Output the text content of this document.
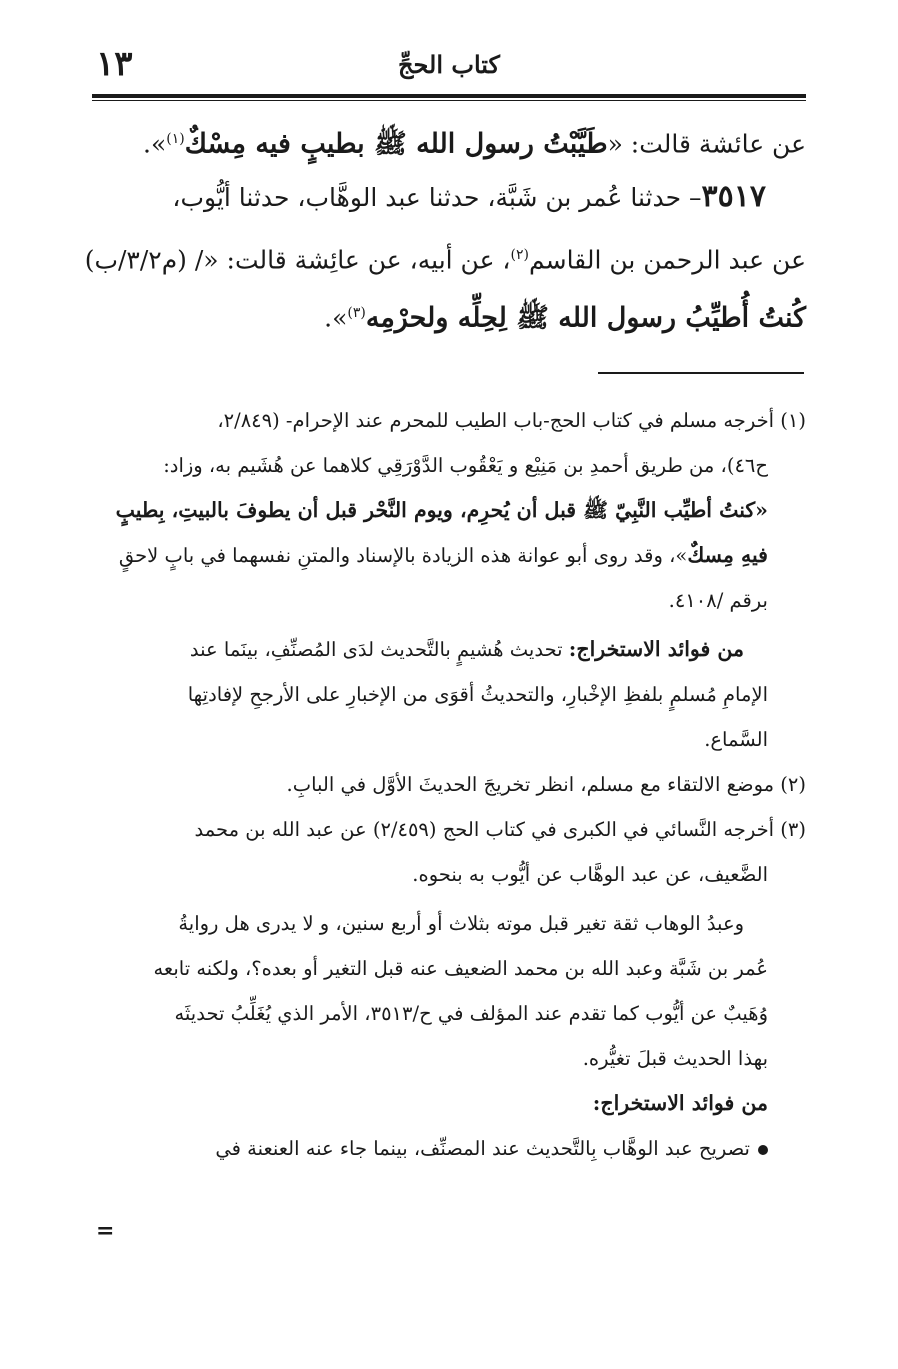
كتاب الحجِّ
١٣
عن عائشة قالت: «طَيَّبْتُ رسول الله ﷺ بطيبٍ فيه مِسْكٌ$^{(١)}$».
٣٥١٧– حدثنا عُمر بن شَبَّة، حدثنا عبد الوهَّاب، حدثنا أيُّوب،
عن عبد الرحمن بن القاسم$^{(٢)}$، عن أبيه، عن عائِشة قالت: «/ (م٣/٢/ب)
كُنتُ أُطيِّبُ رسول الله ﷺ لِحِلِّه ولحرْمِه$^{(٣)}$».
(١) أخرجه مسلم في كتاب الحج-باب الطيب للمحرم عند الإحرام- (٢/٨٤٩،
ح٤٦)، من طريق أحمدِ بن مَنِيْع و يَعْقُوب الدَّوْرَقِي كلاهما عن هُشَيم به، وزاد:
«كنتُ أطيِّب النَّبِيّ ﷺ قبل أن يُحرِم، ويوم النَّحْر قبل أن يطوفَ بالبيتِ، بِطيبٍ
فيهِ مِسكٌ»، وقد روى أبو عوانة هذه الزيادة بالإسناد والمتنِ نفسهما في بابٍ لاحقٍ
برقم /٤١٠٨.
من فوائد الاستخراج: تحديث هُشيمٍ بالتَّحديث لدَى المُصنِّفِ، بينَما عند
الإمامِ مُسلمٍ بلفظِ الإخْبارِ، والتحديثُ أقوَى من الإخبارِ على الأرجحِ لإفادتِها
السَّماع.
(٢) موضع الالتقاء مع مسلم، انظر تخريجَ الحديثَ الأوَّل في البابِ.
(٣) أخرجه النَّسائي في الكبرى في كتاب الحج (٢/٤٥٩) عن عبد الله بن محمد
الضَّعيف، عن عبد الوهَّاب عن أيُّوب به بنحوه.
وعبدُ الوهاب ثقة تغير قبل موته بثلاث أو أربع سنين، و لا يدرى هل روايةُ
عُمر بن شَبَّة وعبد الله بن محمد الضعيف عنه قبل التغير أو بعده؟، ولكنه تابعه
وُهَيبٌ عن أيُّوب كما تقدم عند المؤلف في ح/٣٥١٣، الأمر الذي يُغَلِّبُ تحديثَه
بهذا الحديث قبلَ تغيُّره.
من فوائد الاستخراج:
تصريح عبد الوهَّاب بِالتَّحديث عند المصنِّف، بينما جاء عنه العنعنة في
=
